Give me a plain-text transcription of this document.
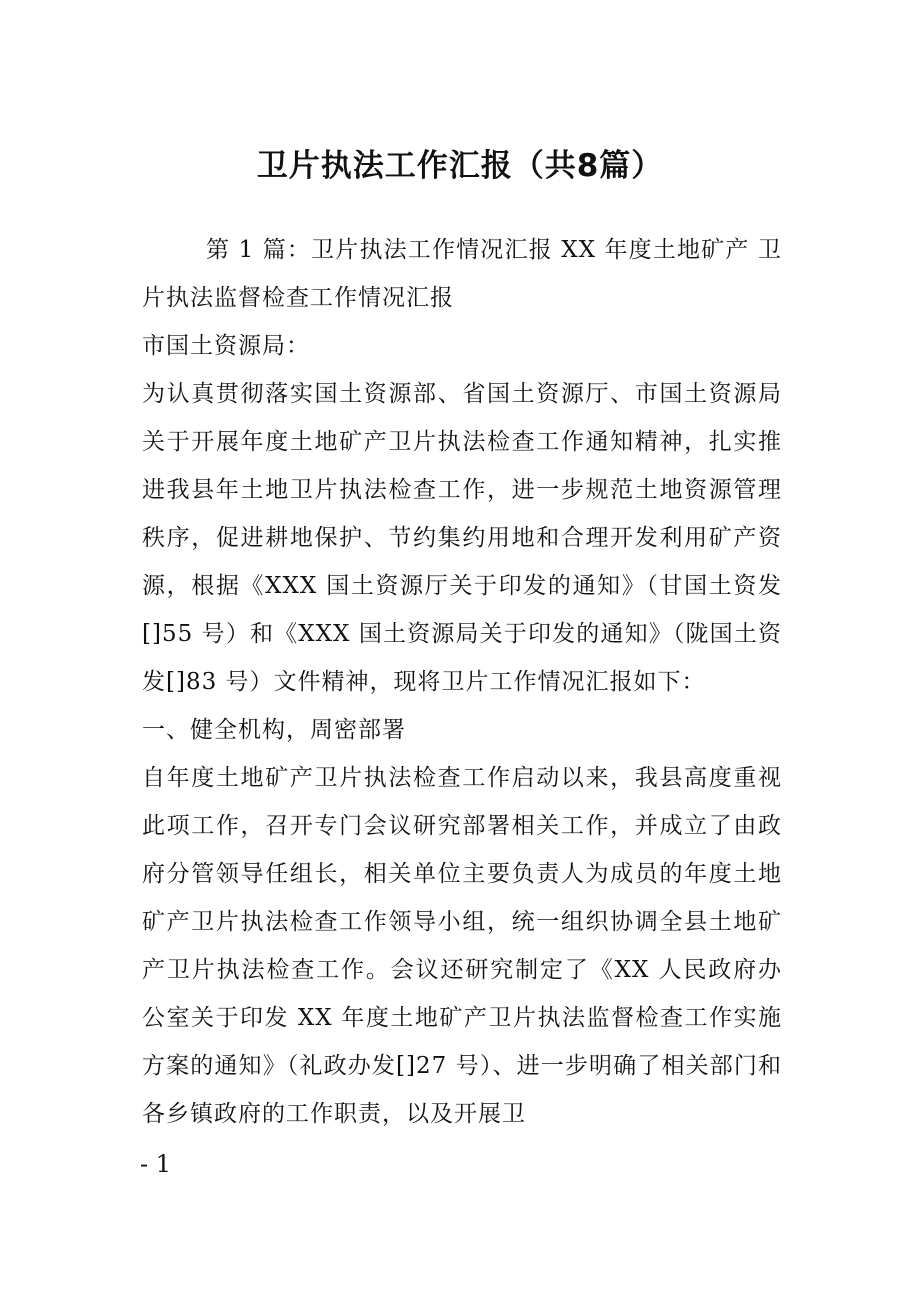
卫片执法工作汇报（共8篇）

第 1 篇：卫片执法工作情况汇报 XX 年度土地矿产 卫片执法监督检查工作情况汇报

市国土资源局：

为认真贯彻落实国土资源部、省国土资源厅、市国土资源局关于开展年度土地矿产卫片执法检查工作通知精神，扎实推进我县年土地卫片执法检查工作，进一步规范土地资源管理秩序，促进耕地保护、节约集约用地和合理开发利用矿产资源，根据《XXX 国土资源厅关于印发的通知》（甘国土资发[]55 号）和《XXX 国土资源局关于印发的通知》（陇国土资发[]83 号）文件精神，现将卫片工作情况汇报如下：

一、健全机构，周密部署

自年度土地矿产卫片执法检查工作启动以来，我县高度重视此项工作，召开专门会议研究部署相关工作，并成立了由政府分管领导任组长，相关单位主要负责人为成员的年度土地矿产卫片执法检查工作领导小组，统一组织协调全县土地矿产卫片执法检查工作。会议还研究制定了《XX 人民政府办公室关于印发 XX 年度土地矿产卫片执法监督检查工作实施方案的通知》（礼政办发[]27 号）、进一步明确了相关部门和各乡镇政府的工作职责，以及开展卫

- 1
